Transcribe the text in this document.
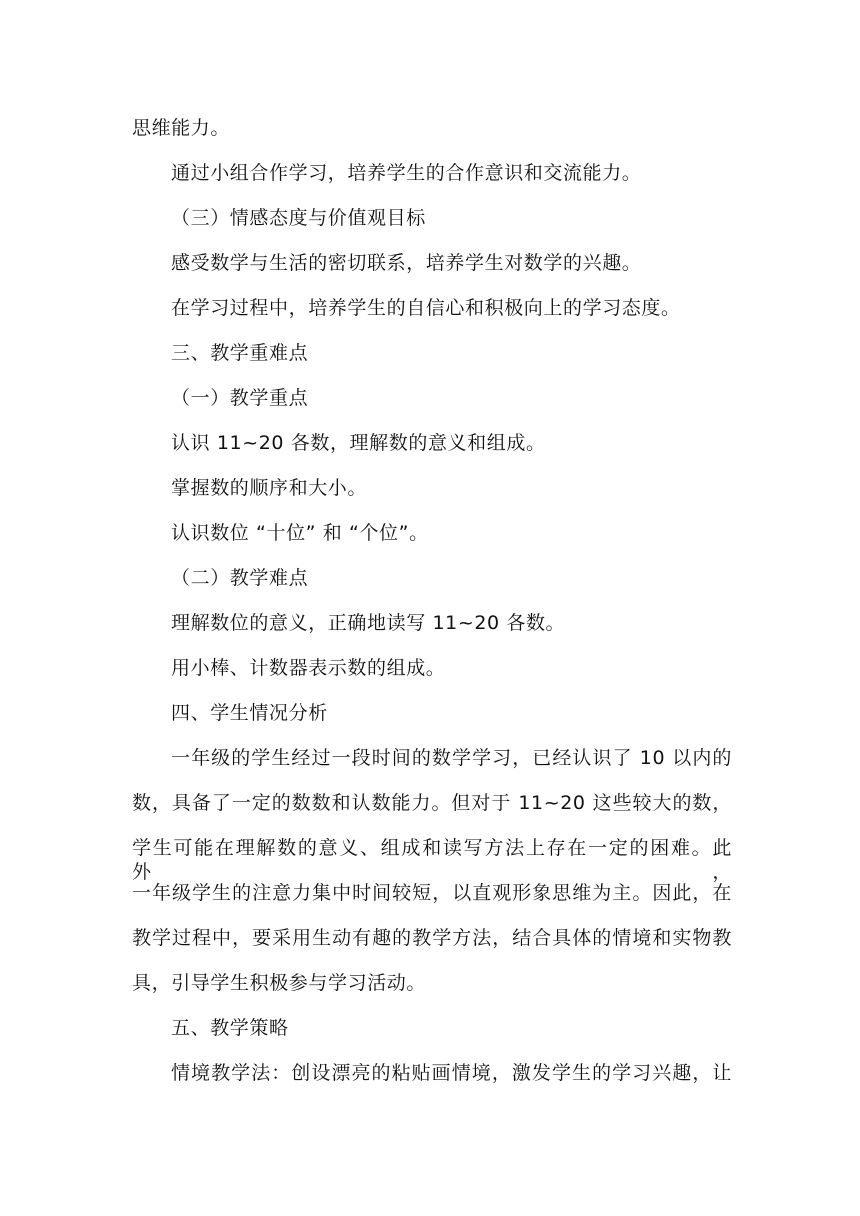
思维能力。
通过小组合作学习，培养学生的合作意识和交流能力。
（三）情感态度与价值观目标
感受数学与生活的密切联系，培养学生对数学的兴趣。
在学习过程中，培养学生的自信心和积极向上的学习态度。
三、教学重难点
（一）教学重点
认识 11~20 各数，理解数的意义和组成。
掌握数的顺序和大小。
认识数位 “十位” 和 “个位”。
（二）教学难点
理解数位的意义，正确地读写 11~20 各数。
用小棒、计数器表示数的组成。
四、学生情况分析
一年级的学生经过一段时间的数学学习，已经认识了 10 以内的
数，具备了一定的数数和认数能力。但对于 11~20 这些较大的数，
学生可能在理解数的意义、组成和读写方法上存在一定的困难。此外，
一年级学生的注意力集中时间较短，以直观形象思维为主。因此，在
教学过程中，要采用生动有趣的教学方法，结合具体的情境和实物教
具，引导学生积极参与学习活动。
五、教学策略
情境教学法：创设漂亮的粘贴画情境，激发学生的学习兴趣，让
